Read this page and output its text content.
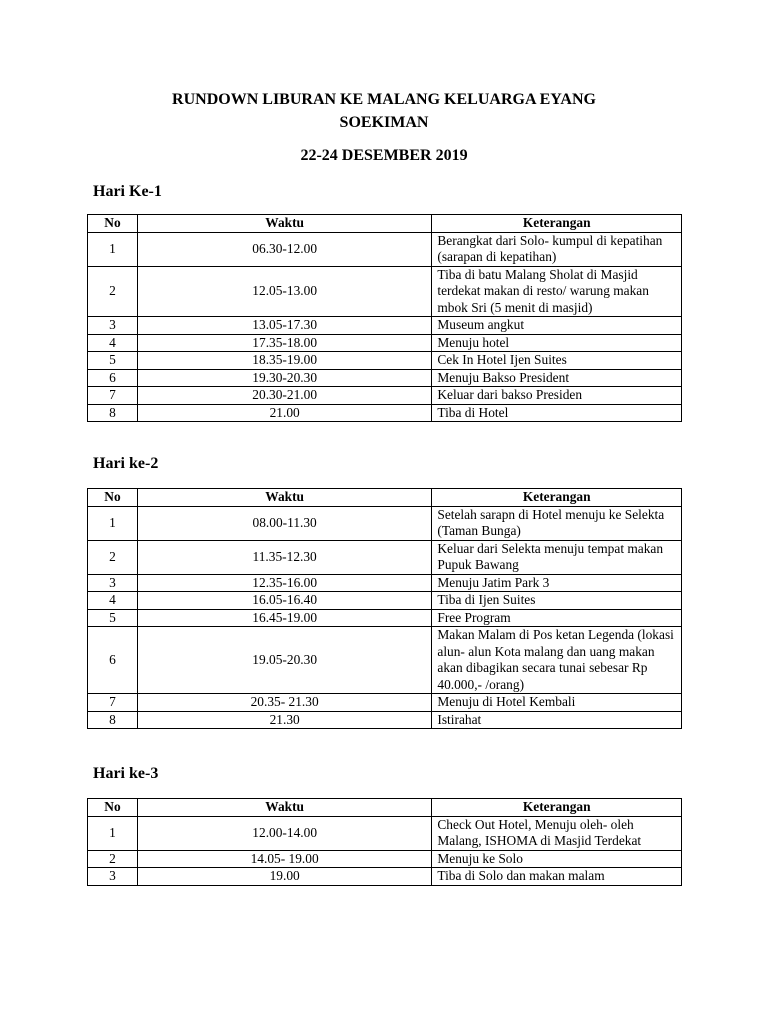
RUNDOWN LIBURAN KE MALANG KELUARGA EYANG
SOEKIMAN
22-24 DESEMBER 2019
Hari Ke-1
No	Waktu	Keterangan
1	06.30-12.00	Berangkat dari Solo- kumpul di kepatihan (sarapan di kepatihan)
2	12.05-13.00	Tiba di batu Malang Sholat di Masjid terdekat makan di resto/ warung makan mbok Sri (5 menit di masjid)
3	13.05-17.30	Museum angkut
4	17.35-18.00	Menuju hotel
5	18.35-19.00	Cek In Hotel Ijen Suites
6	19.30-20.30	Menuju Bakso President
7	20.30-21.00	Keluar dari bakso Presiden
8	21.00	Tiba di Hotel
Hari ke-2
No	Waktu	Keterangan
1	08.00-11.30	Setelah sarapn di Hotel menuju ke Selekta (Taman Bunga)
2	11.35-12.30	Keluar dari Selekta menuju tempat makan Pupuk Bawang
3	12.35-16.00	Menuju Jatim Park 3
4	16.05-16.40	Tiba di Ijen Suites
5	16.45-19.00	Free Program
6	19.05-20.30	Makan Malam di Pos ketan Legenda (lokasi alun- alun Kota malang dan uang makan akan dibagikan secara tunai sebesar Rp 40.000,- /orang)
7	20.35- 21.30	Menuju di Hotel Kembali
8	21.30	Istirahat
Hari ke-3
No	Waktu	Keterangan
1	12.00-14.00	Check Out Hotel, Menuju oleh- oleh Malang, ISHOMA di Masjid Terdekat
2	14.05- 19.00	Menuju ke Solo
3	19.00	Tiba di Solo dan makan malam
